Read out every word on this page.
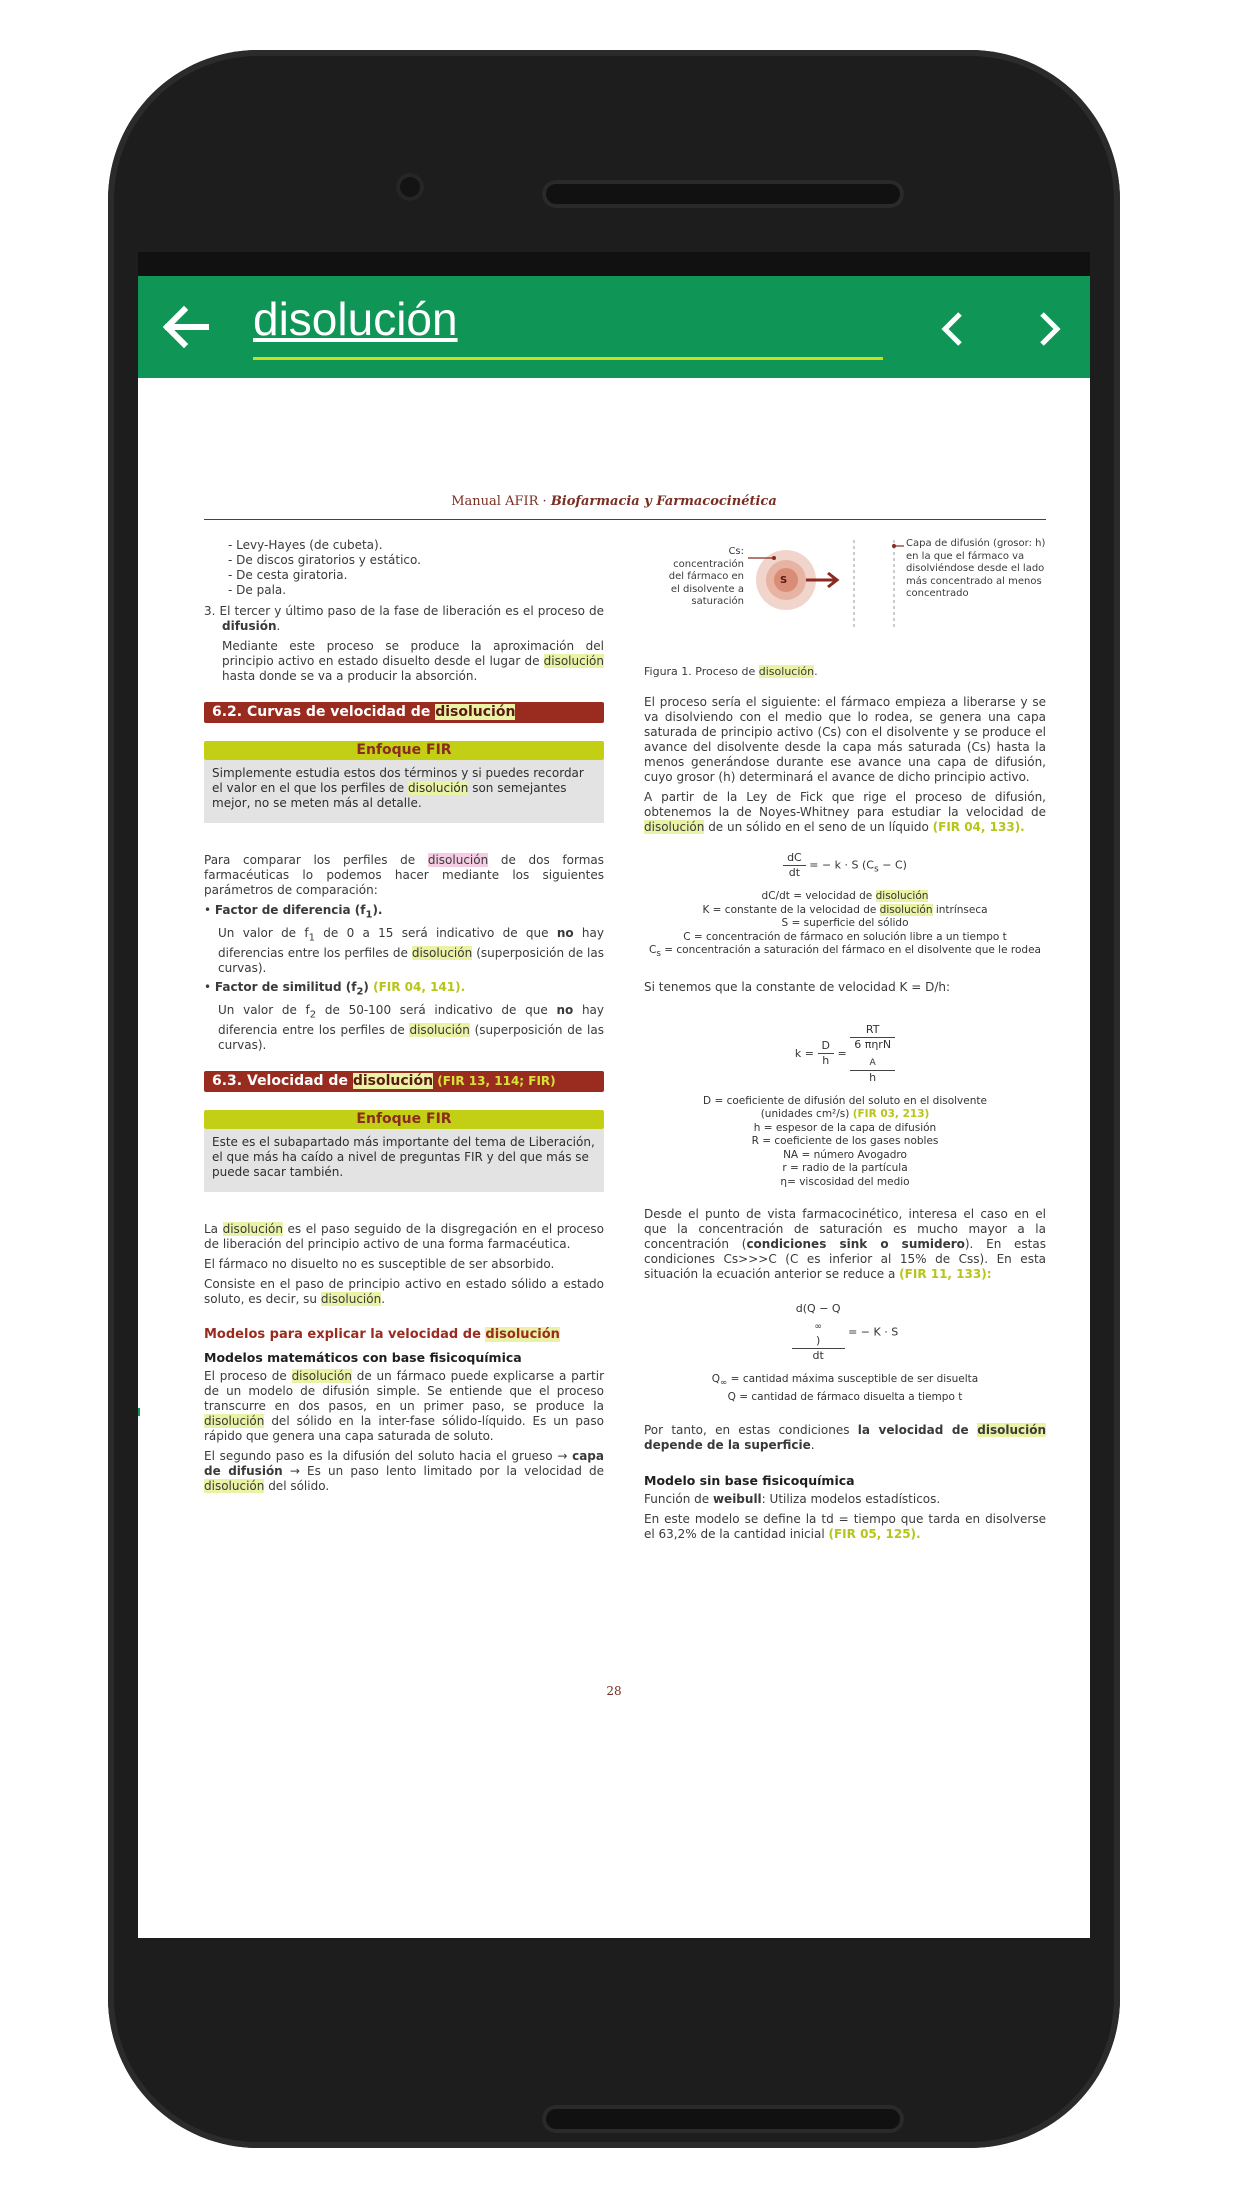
disolución
Manual AFIR · Biofarmacia y Farmacocinética
- Levy-Hayes (de cubeta).
- De discos giratorios y estático.
- De cesta giratoria.
- De pala.

3. El tercer y último paso de la fase de liberación es el proceso de difusión.

Mediante este proceso se produce la aproximación del principio activo en estado disuelto desde el lugar de disolución hasta donde se va a producir la absorción.

6.2. Curvas de velocidad de disolución
Enfoque FIR
Simplemente estudia estos dos términos y si puedes recordar el valor en el que los perfiles de disolución son semejantes mejor, no se meten más al detalle.

Para comparar los perfiles de disolución de dos formas farmacéuticas lo podemos hacer mediante los siguientes parámetros de comparación:

• Factor de diferencia $(f_1)$.
Un valor de $f_1$ de 0 a 15 será indicativo de que no hay diferencias entre los perfiles de disolución (superposición de las curvas).
• Factor de similitud $(f_2)$ (FIR 04, 141).
Un valor de $f_2$ de 50-100 será indicativo de que no hay diferencia entre los perfiles de disolución (superposición de las curvas).
6.3. Velocidad de disolución (FIR 13, 114; FIR)
Enfoque FIR
Este es el subapartado más importante del tema de Liberación, el que más ha caído a nivel de preguntas FIR y del que más se puede sacar también.

La disolución es el paso seguido de la disgregación en el proceso de liberación del principio activo de una forma farmacéutica.

El fármaco no disuelto no es susceptible de ser absorbido.

Consiste en el paso de principio activo en estado sólido a estado soluto, es decir, su disolución.

Modelos para explicar la velocidad de disolución
Modelos matemáticos con base fisicoquímica

El proceso de disolución de un fármaco puede explicarse a partir de un modelo de difusión simple. Se entiende que el proceso transcurre en dos pasos, en un primer paso, se produce la disolución del sólido en la inter-fase sólido-líquido. Es un paso rápido que genera una capa saturada de soluto.

El segundo paso es la difusión del soluto hacia el grueso → capa de difusión → Es un paso lento limitado por la velocidad de disolución del sólido.

Cs:
concentración
del fármaco en
el disolvente a
saturación
S
Capa de difusión (grosor: h)
en la que el fármaco va
disolviéndose desde el lado
más concentrado al menos
concentrado
Figura 1. Proceso de disolución.

El proceso sería el siguiente: el fármaco empieza a liberarse y se va disolviendo con el medio que lo rodea, se genera una capa saturada de principio activo (Cs) con el disolvente y se produce el avance del disolvente desde la capa más saturada (Cs) hasta la menos generándose durante ese avance una capa de difusión, cuyo grosor (h) determinará el avance de dicho principio activo.

A partir de la Ley de Fick que rige el proceso de difusión, obtenemos la de Noyes-Whitney para estudiar la velocidad de disolución de un sólido en el seno de un líquido (FIR 04, 133).

$\frac{dC}{dt}$ = − k · S $(C_s - C)$
dC/dt = velocidad de disolución
K = constante de la velocidad de disolución intrínseca
S = superficie del sólido
C = concentración de fármaco en solución libre a un tiempo t
$C_s$ = concentración a saturación del fármaco en el disolvente que le rodea

Si tenemos que la constante de velocidad K = D/h:

$k = \frac{D}{h}$ =
RT
6 πηrN
$_A$
h
D = coeficiente de difusión del soluto en el disolvente
(unidades cm²/s) (FIR 03, 213)
h = espesor de la capa de difusión
R = coeficiente de los gases nobles
NA = número Avogadro
r = radio de la partícula
η= viscosidad del medio

Desde el punto de vista farmacocinético, interesa el caso en el que la concentración de saturación es mucho mayor a la concentración (condiciones sink o sumidero). En estas condiciones Cs>>>C (C es inferior al 15% de Css). En esta situación la ecuación anterior se reduce a (FIR 11, 133):

d(Q − Q
$_\infty$
)
dt = − K · S
$Q_\infty$ = cantidad máxima susceptible de ser disuelta
Q = cantidad de fármaco disuelta a tiempo t

Por tanto, en estas condiciones la velocidad de disolución depende de la superficie.

Modelo sin base fisicoquímica

Función de weibull: Utiliza modelos estadísticos.

En este modelo se define la td = tiempo que tarda en disolverse el 63,2% de la cantidad inicial (FIR 05, 125).

28
